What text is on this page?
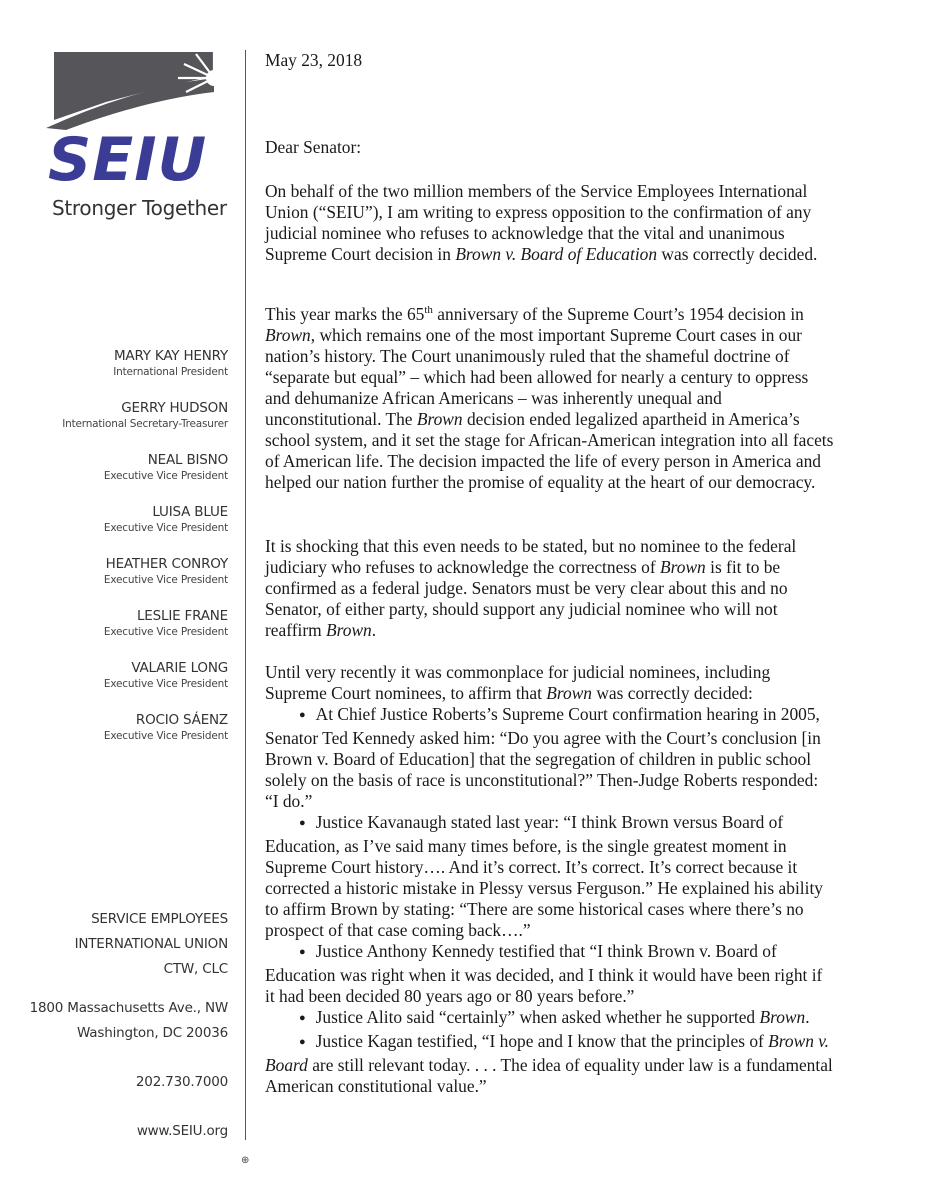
SEIU
Stronger Together
MARY KAY HENRY
International President
GERRY HUDSON
International Secretary-Treasurer
NEAL BISNO
Executive Vice President
LUISA BLUE
Executive Vice President
HEATHER CONROY
Executive Vice President
LESLIE FRANE
Executive Vice President
VALARIE LONG
Executive Vice President
ROCIO SÁENZ
Executive Vice President
SERVICE EMPLOYEES
INTERNATIONAL UNION
CTW, CLC
1800 Massachusetts Ave., NW
Washington, DC 20036
202.730.7000
www.SEIU.org
⊕

May 23, 2018

Dear Senator:

On behalf of the two million members of the Service Employees International Union (“SEIU”), I am writing to express opposition to the confirmation of any judicial nominee who refuses to acknowledge that the vital and unanimous Supreme Court decision in Brown v. Board of Education was correctly decided.

This year marks the 65th anniversary of the Supreme Court’s 1954 decision in Brown, which remains one of the most important Supreme Court cases in our nation’s history. The Court unanimously ruled that the shameful doctrine of “separate but equal” – which had been allowed for nearly a century to oppress and dehumanize African Americans – was inherently unequal and unconstitutional. The Brown decision ended legalized apartheid in America’s school system, and it set the stage for African-American integration into all facets of American life. The decision impacted the life of every person in America and helped our nation further the promise of equality at the heart of our democracy.

It is shocking that this even needs to be stated, but no nominee to the federal judiciary who refuses to acknowledge the correctness of Brown is fit to be confirmed as a federal judge. Senators must be very clear about this and no Senator, of either party, should support any judicial nominee who will not reaffirm Brown.

Until very recently it was commonplace for judicial nominees, including Supreme Court nominees, to affirm that Brown was correctly decided:

● At Chief Justice Roberts’s Supreme Court confirmation hearing in 2005, Senator Ted Kennedy asked him: “Do you agree with the Court’s conclusion [in Brown v. Board of Education] that the segregation of children in public school solely on the basis of race is unconstitutional?” Then-Judge Roberts responded: “I do.”

● Justice Kavanaugh stated last year: “I think Brown versus Board of Education, as I’ve said many times before, is the single greatest moment in Supreme Court history…. And it’s correct. It’s correct. It’s correct because it corrected a historic mistake in Plessy versus Ferguson.” He explained his ability to affirm Brown by stating: “There are some historical cases where there’s no prospect of that case coming back….”

● Justice Anthony Kennedy testified that “I think Brown v. Board of Education was right when it was decided, and I think it would have been right if it had been decided 80 years ago or 80 years before.”

● Justice Alito said “certainly” when asked whether he supported Brown.

● Justice Kagan testified, “I hope and I know that the principles of Brown v. Board are still relevant today. . . . The idea of equality under law is a fundamental American constitutional value.”
